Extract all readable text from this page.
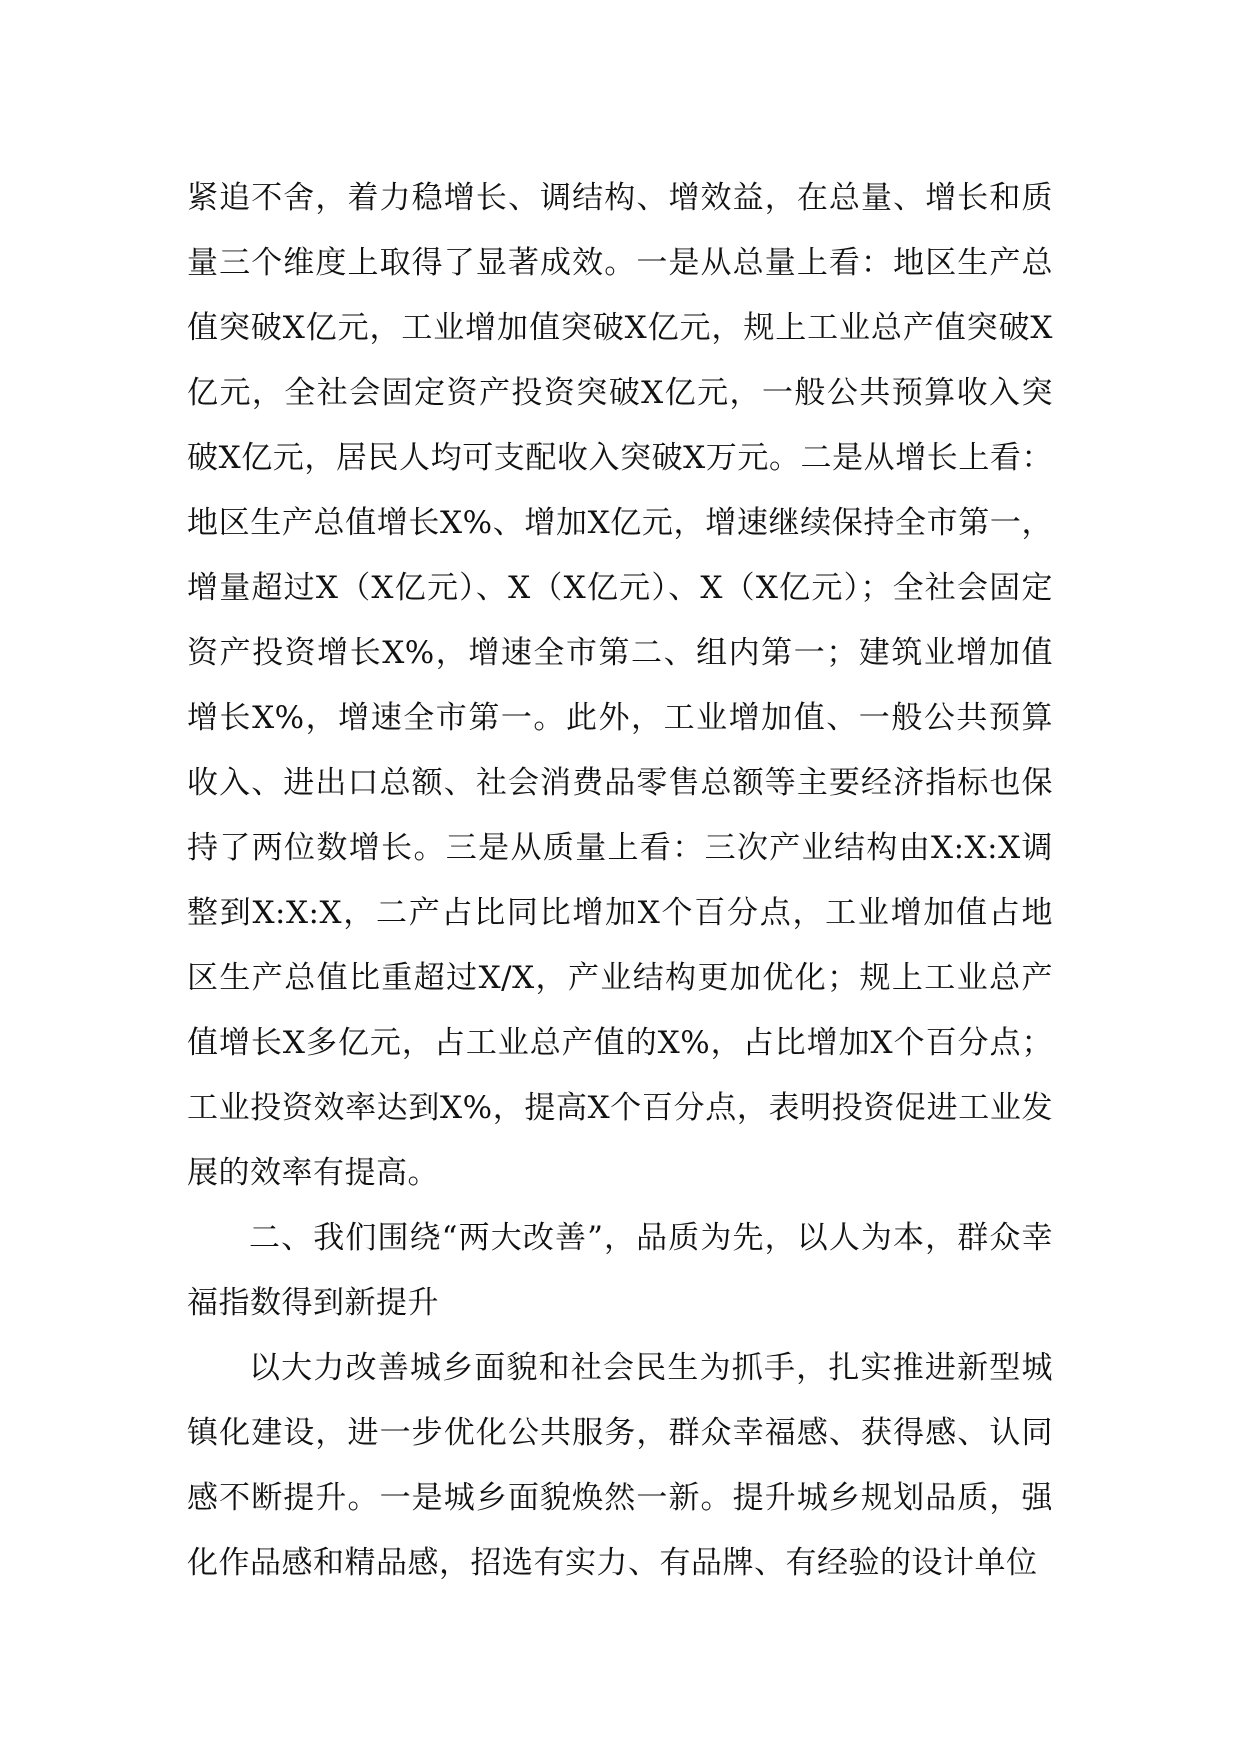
紧追不舍，着力稳增长、调结构、增效益，在总量、增长和质量三个维度上取得了显著成效。一是从总量上看：地区生产总值突破X亿元，工业增加值突破X亿元，规上工业总产值突破X亿元，全社会固定资产投资突破X亿元，一般公共预算收入突破X亿元，居民人均可支配收入突破X万元。二是从增长上看：地区生产总值增长X%、增加X亿元，增速继续保持全市第一，增量超过X（X亿元）、X（X亿元）、X（X亿元）；全社会固定资产投资增长X%，增速全市第二、组内第一；建筑业增加值增长X%，增速全市第一。此外，工业增加值、一般公共预算收入、进出口总额、社会消费品零售总额等主要经济指标也保持了两位数增长。三是从质量上看：三次产业结构由X:X:X调整到X:X:X，二产占比同比增加X个百分点，工业增加值占地区生产总值比重超过X/X，产业结构更加优化；规上工业总产值增长X多亿元，占工业总产值的X%，占比增加X个百分点；工业投资效率达到X%，提高X个百分点，表明投资促进工业发展的效率有提高。

二、我们围绕“两大改善”，品质为先，以人为本，群众幸福指数得到新提升

以大力改善城乡面貌和社会民生为抓手，扎实推进新型城镇化建设，进一步优化公共服务，群众幸福感、获得感、认同感不断提升。一是城乡面貌焕然一新。提升城乡规划品质，强化作品感和精品感，招选有实力、有品牌、有经验的设计单位
